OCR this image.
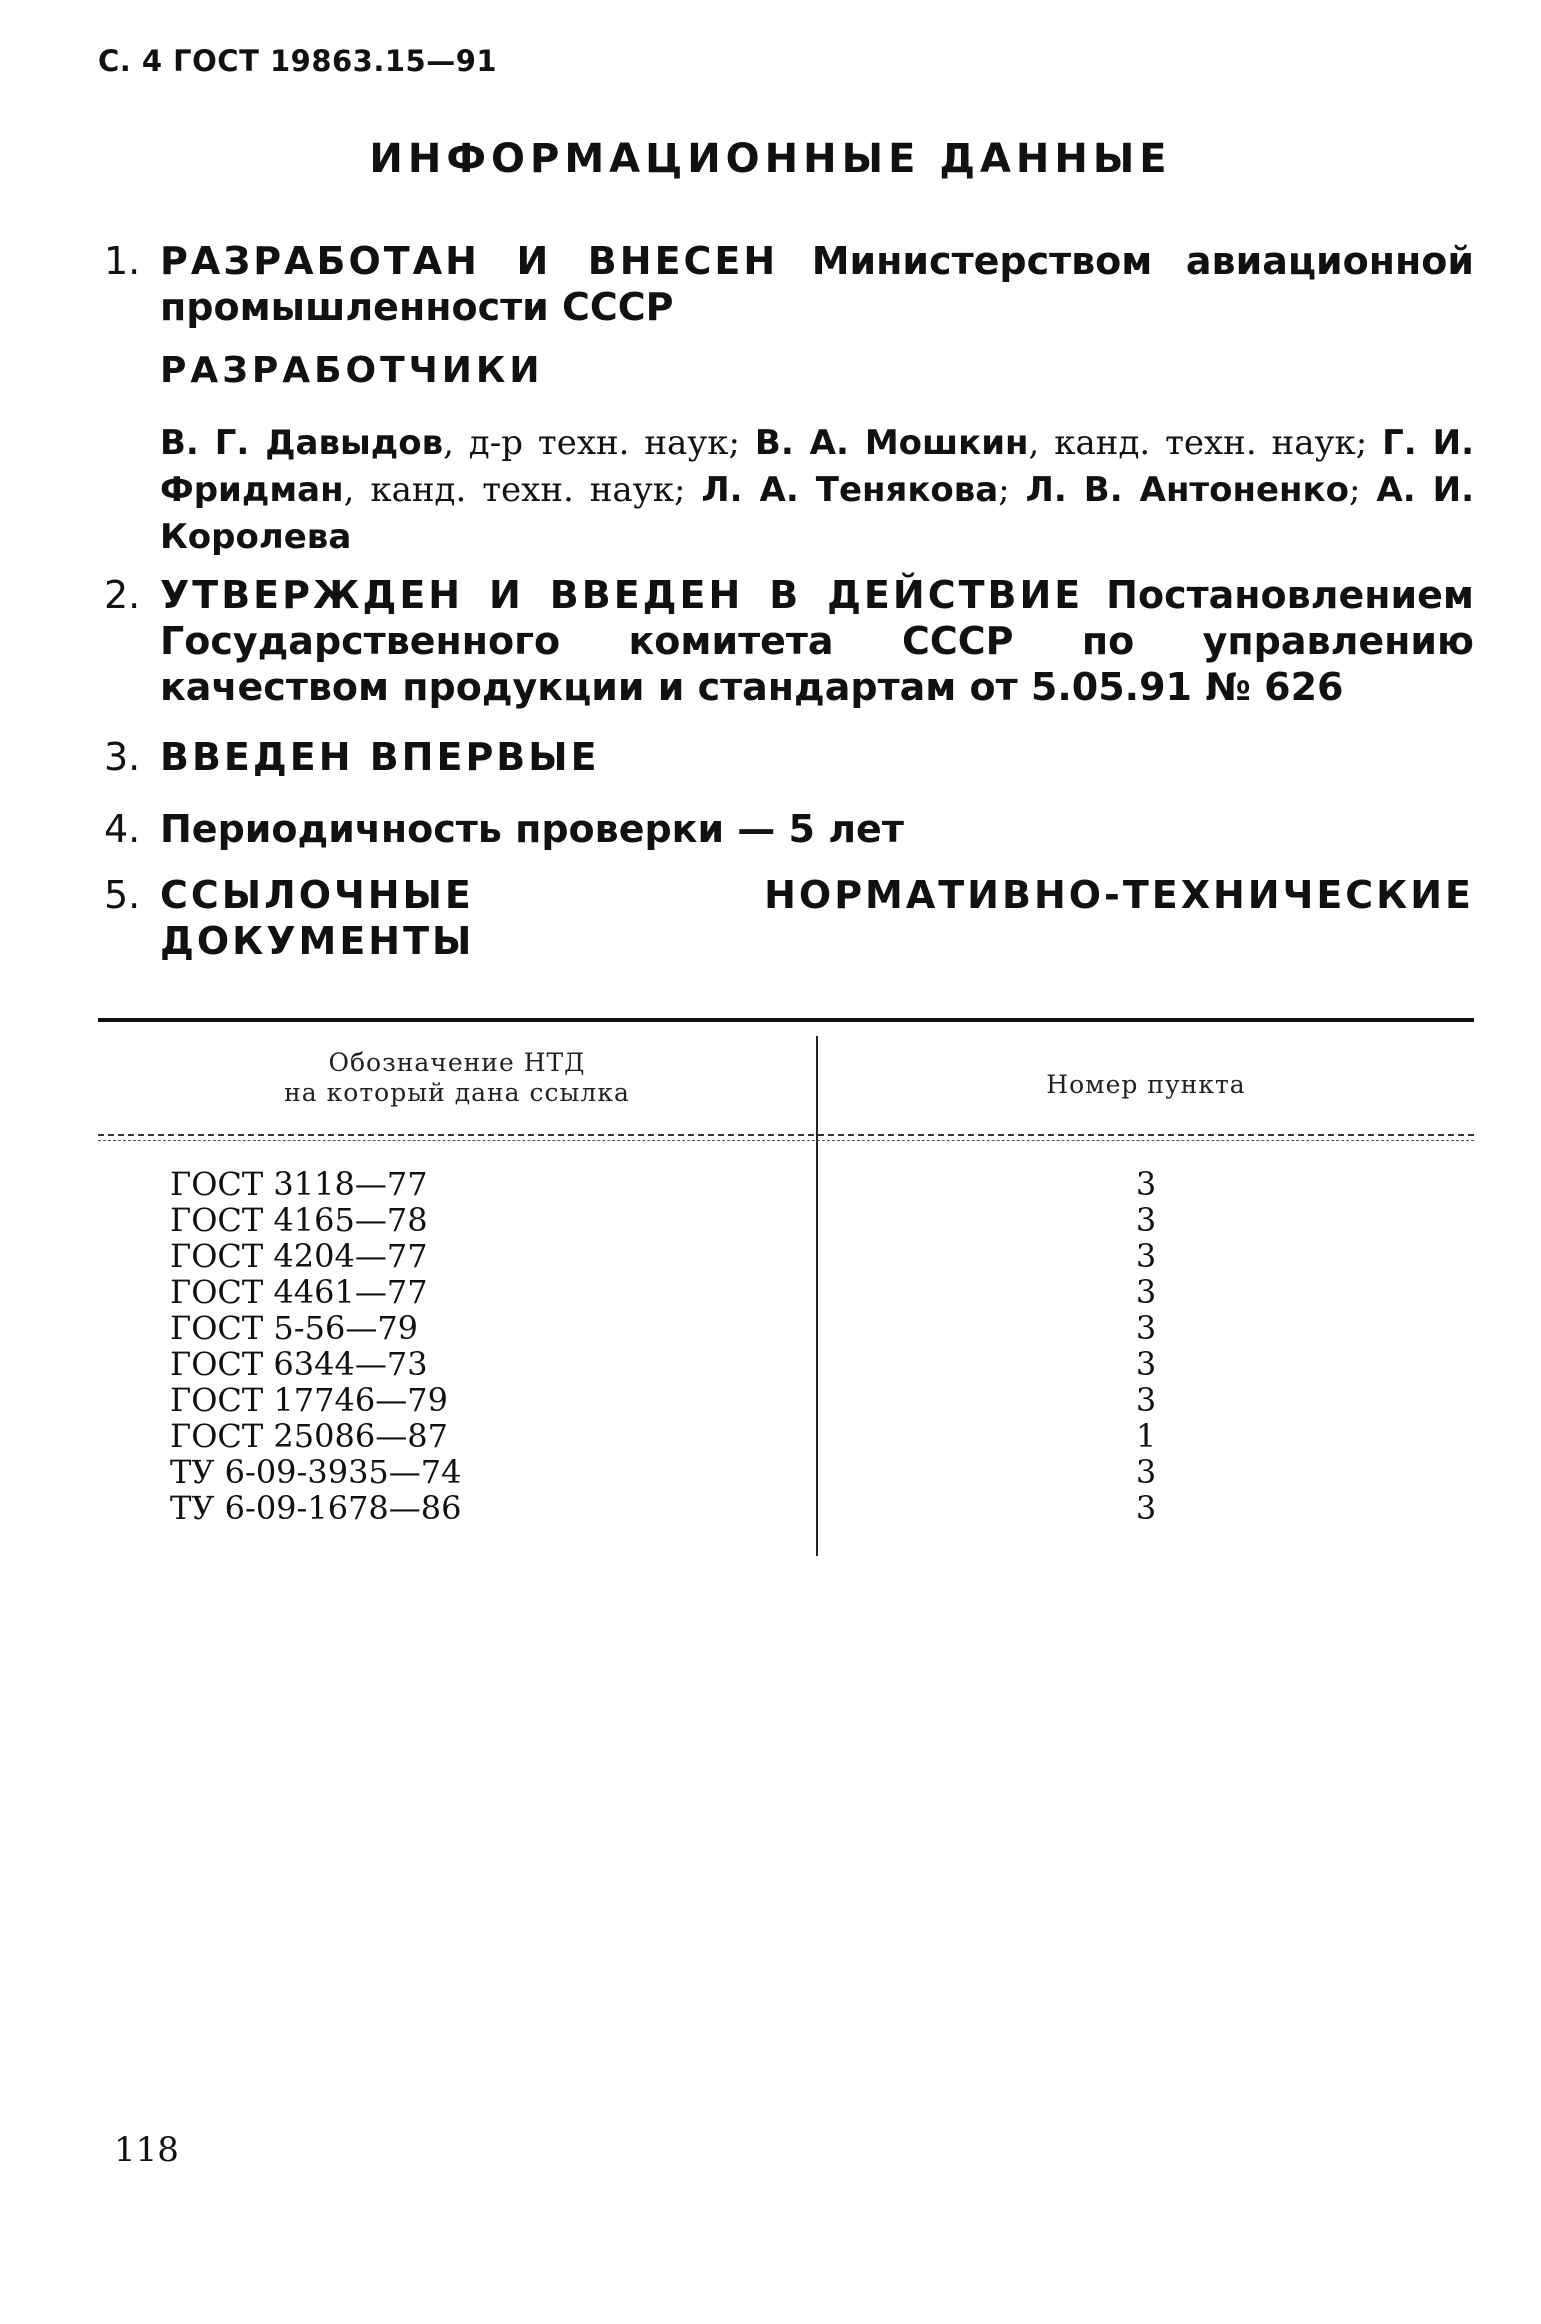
С. 4 ГОСТ 19863.15—91
ИНФОРМАЦИОННЫЕ ДАННЫЕ
1. РАЗРАБОТАН И ВНЕСЕН Министерством авиационной промышленности СССР
РАЗРАБОТЧИКИ
В. Г. Давыдов, д-р техн. наук; В. А. Мошкин, канд. техн. наук; Г. И. Фридман, канд. техн. наук; Л. А. Тенякова; Л. В. Антоненко; А. И. Королева
2. УТВЕРЖДЕН И ВВЕДЕН В ДЕЙСТВИЕ Постановлением Государственного комитета СССР по управлению качеством продукции и стандартам от 5.05.91 № 626
3. ВВЕДЕН ВПЕРВЫЕ
4. Периодичность проверки — 5 лет
5. ССЫЛОЧНЫЕ НОРМАТИВНО-ТЕХНИЧЕСКИЕ ДОКУМЕНТЫ
Обозначение НТД
на который дана ссылка	Номер пункта
ГОСТ 3118—77	3
ГОСТ 4165—78	3
ГОСТ 4204—77	3
ГОСТ 4461—77	3
ГОСТ 5-56—79	3
ГОСТ 6344—73	3
ГОСТ 17746—79	3
ГОСТ 25086—87	1
ТУ 6-09-3935—74	3
ТУ 6-09-1678—86	3
118
